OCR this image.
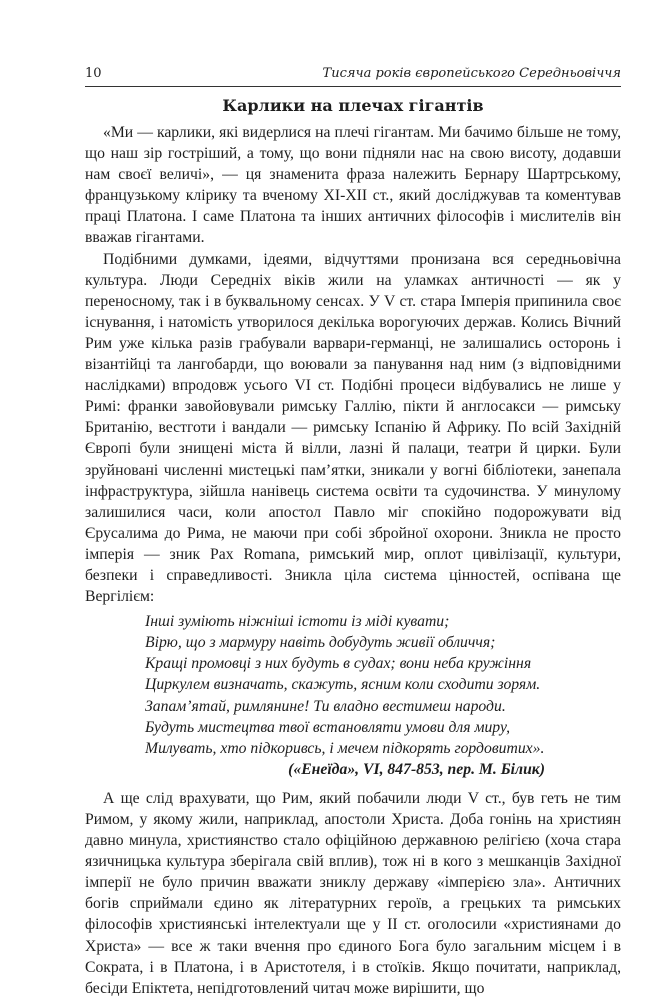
10	Тисяча років європейського Середньовіччя
Карлики на плечах гігантів

«Ми — карлики, які видерлися на плечі гігантам. Ми бачимо більше не тому, що наш зір гостріший, а тому, що вони підняли нас на свою висоту, додавши нам своєї величі», — ця знаменита фраза належить Бернару Шартрському, французькому клірику та вченому XI-XII ст., який досліджував та коментував праці Платона. І саме Платона та інших античних філософів і мислителів він вважав гігантами.

Подібними думками, ідеями, відчуттями пронизана вся середньовічна культура. Люди Середніх віків жили на уламках античності — як у переносному, так і в буквальному сенсах. У V ст. стара Імперія припинила своє існування, і натомість утворилося декілька ворогуючих держав. Колись Вічний Рим уже кілька разів грабували варвари-германці, не залишались осторонь і візантійці та лангобарди, що воювали за панування над ним (з відповідними наслідками) впродовж усього VI ст. Подібні процеси відбувались не лише у Римі: франки завойовували римську Галлію, пікти й англосакси — римську Британію, вестготи і вандали — римську Іспанію й Африку. По всій Західній Європі були знищені міста й вілли, лазні й палаци, театри й цирки. Були зруйновані численні мистецькі пам’ятки, зникали у вогні бібліотеки, занепала інфраструктура, зійшла нанівець система освіти та судочинства. У минулому залишилися часи, коли апостол Павло міг спокійно подорожувати від Єрусалима до Рима, не маючи при собі збройної охорони. Зникла не просто імперія — зник Pax Romana, римський мир, оплот цивілізації, культури, безпеки і справедливості. Зникла ціла система цінностей, оспівана ще Вергілієм:

Інші зуміють ніжніші істоти із міді кувати;
Вірю, що з мармуру навіть добудуть живії обличчя;
Кращі промовці з них будуть в судах; вони неба кружіння
Циркулем визначать, скажуть, ясним коли сходити зорям.
Запам’ятай, римлянине! Ти владно вестимеш народи.
Будуть мистецтва твої встановляти умови для миру,
Милувать, хто підкоривсь, і мечем підкорять гордовитих».
(«Енеїда», VI, 847-853, пер. М. Білик)

А ще слід врахувати, що Рим, який побачили люди V ст., був геть не тим Римом, у якому жили, наприклад, апостоли Христа. Доба гонінь на християн давно минула, християнство стало офіційною державною релігією (хоча стара язичницька культура зберігала свій вплив), тож ні в кого з мешканців Західної імперії не було причин вважати зниклу державу «імперією зла». Античних богів сприймали єдино як літературних героїв, а грецьких та римських філософів християнські інтелектуали ще у II ст. оголосили «християнами до Христа» — все ж таки вчення про єдиного Бога було загальним місцем і в Сократа, і в Платона, і в Аристотеля, і в стоїків. Якщо почитати, наприклад, бесіди Епіктета, непідготовлений читач може вирішити, що
